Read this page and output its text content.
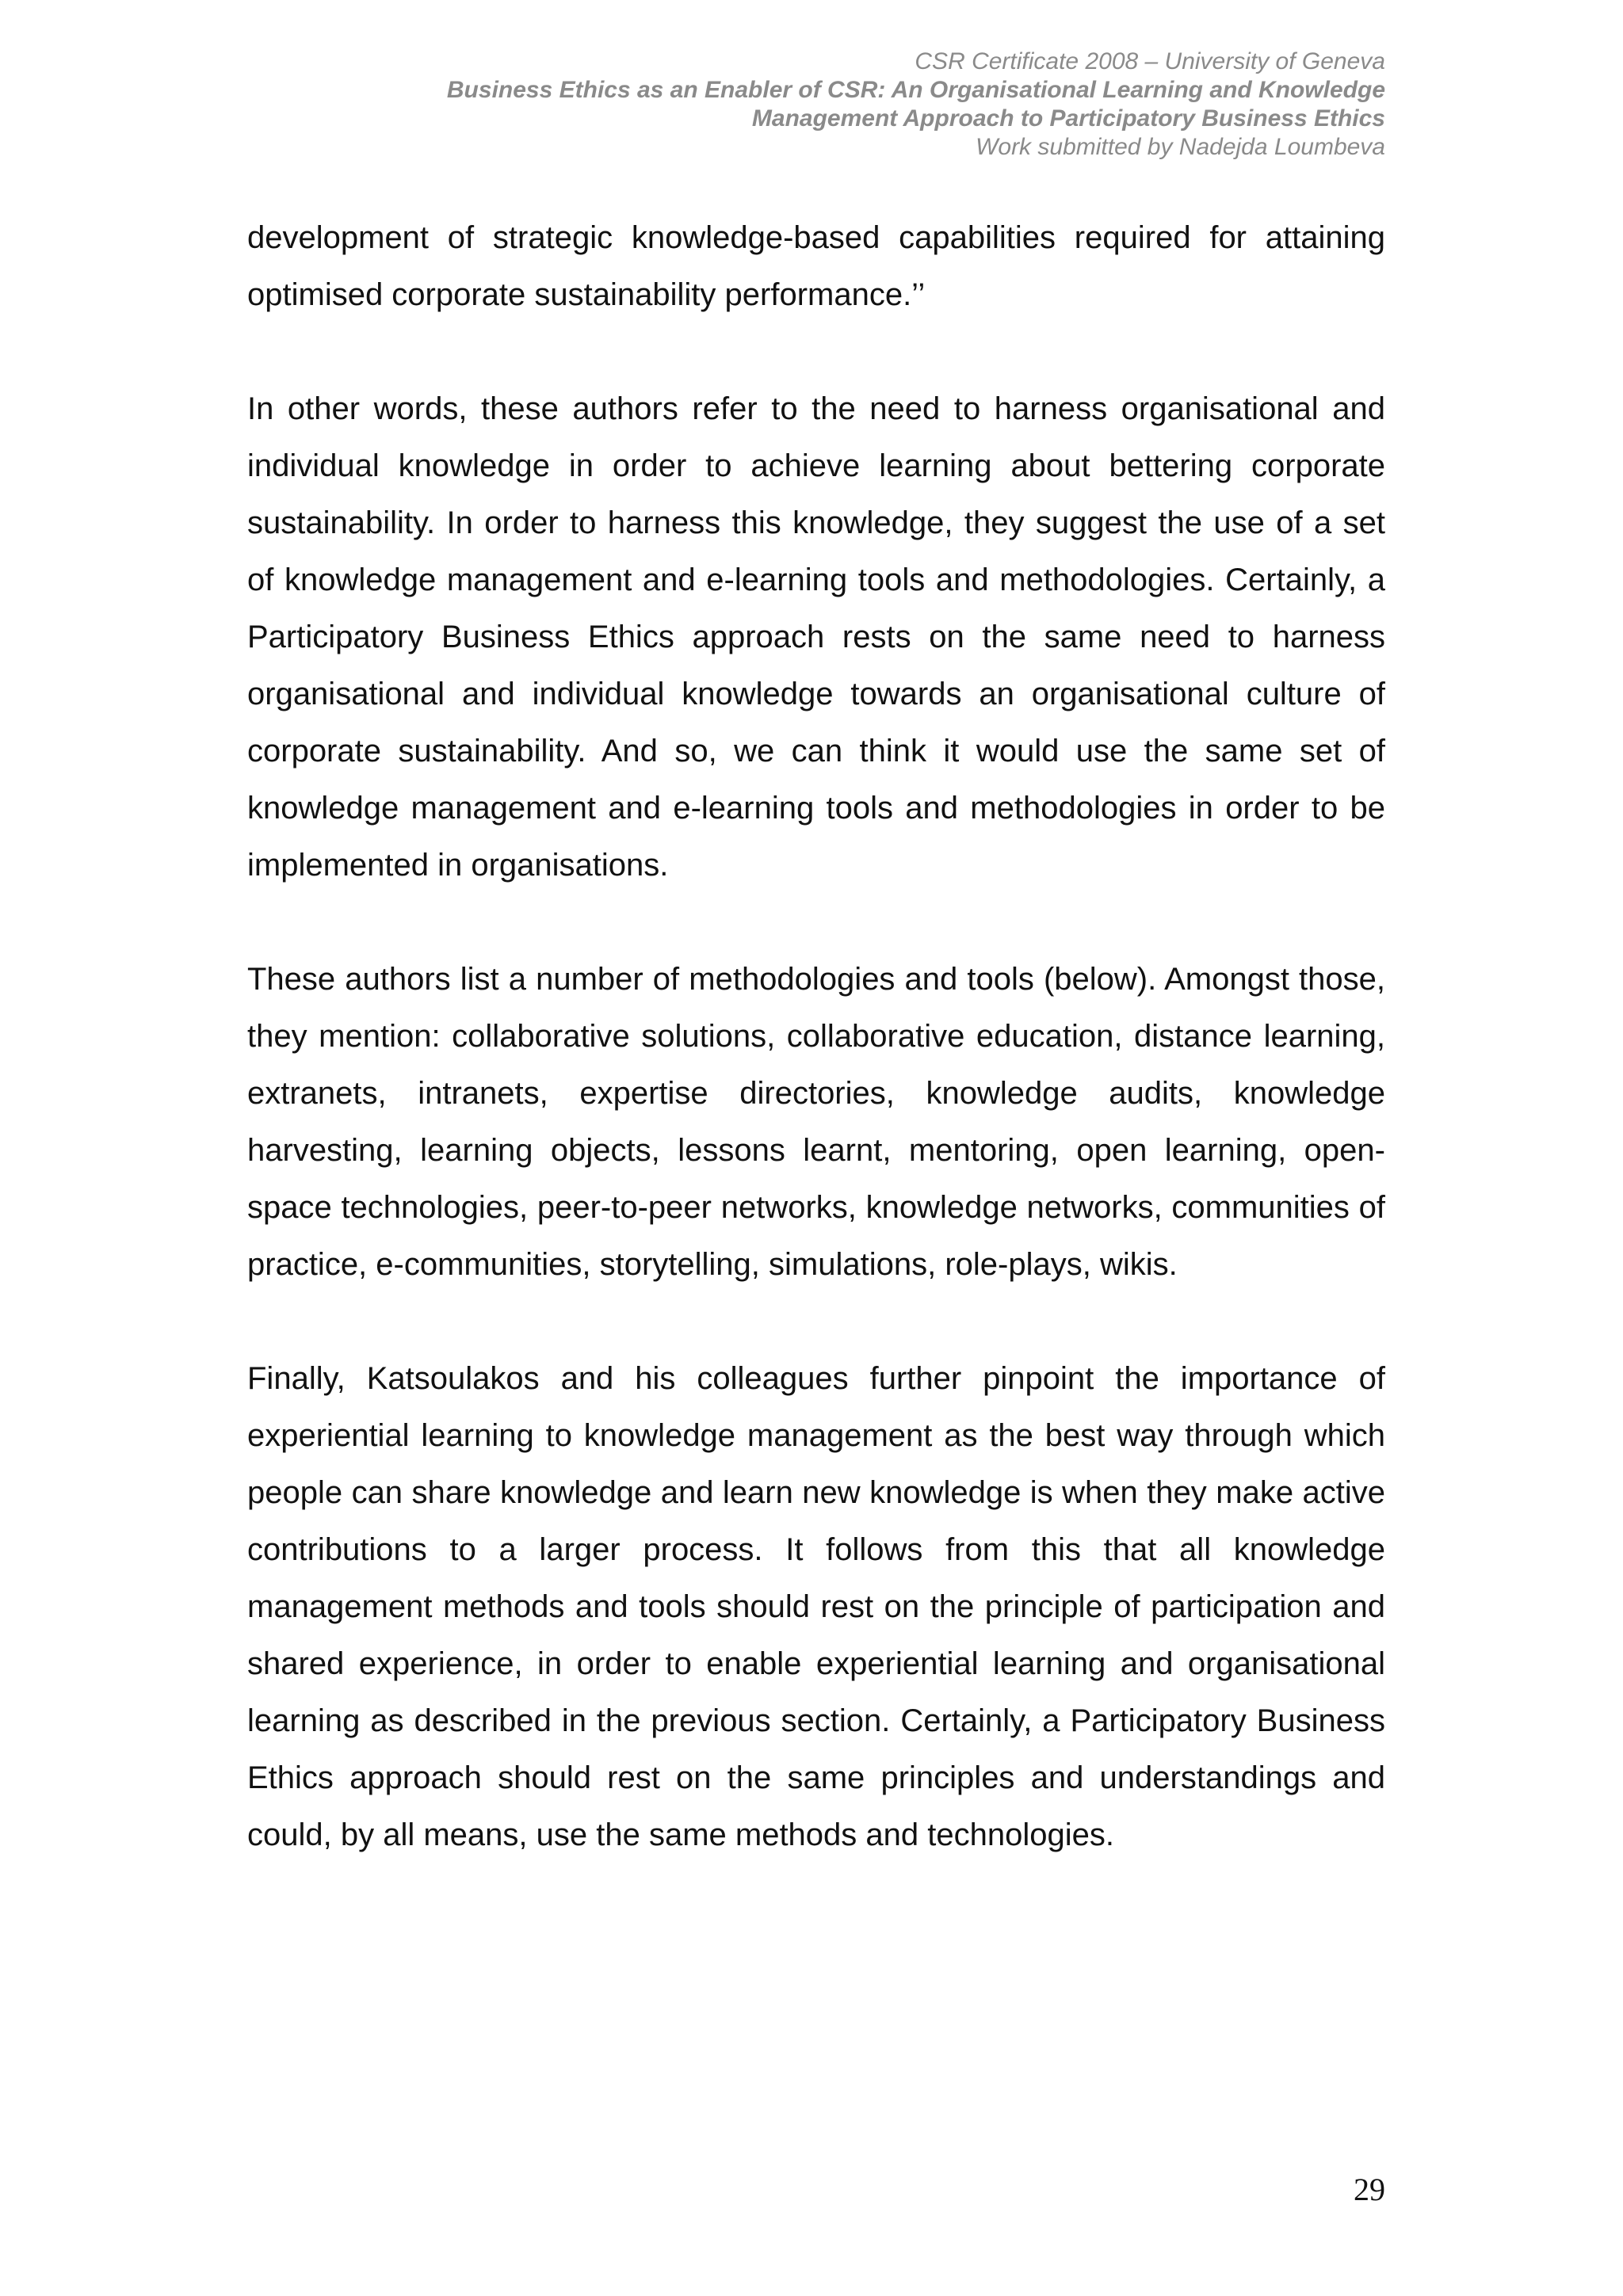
CSR Certificate 2008 – University of Geneva
Business Ethics as an Enabler of CSR: An Organisational Learning and Knowledge
Management Approach to Participatory Business Ethics
Work submitted by Nadejda Loumbeva

development of strategic knowledge-based capabilities required for attaining optimised corporate sustainability performance.’’

In other words, these authors refer to the need to harness organisational and individual knowledge in order to achieve learning about bettering corporate sustainability. In order to harness this knowledge, they suggest the use of a set of knowledge management and e-learning tools and methodologies. Certainly, a Participatory Business Ethics approach rests on the same need to harness organisational and individual knowledge towards an organisational culture of corporate sustainability. And so, we can think it would use the same set of knowledge management and e-learning tools and methodologies in order to be implemented in organisations.

These authors list a number of methodologies and tools (below). Amongst those, they mention: collaborative solutions, collaborative education, distance learning, extranets, intranets, expertise directories, knowledge audits, knowledge harvesting, learning objects, lessons learnt, mentoring, open learning, open-space technologies, peer-to-peer networks, knowledge networks, communities of practice, e-communities, storytelling, simulations, role-plays, wikis.

Finally, Katsoulakos and his colleagues further pinpoint the importance of experiential learning to knowledge management as the best way through which people can share knowledge and learn new knowledge is when they make active contributions to a larger process. It follows from this that all knowledge management methods and tools should rest on the principle of participation and shared experience, in order to enable experiential learning and organisational learning as described in the previous section. Certainly, a Participatory Business Ethics approach should rest on the same principles and understandings and could, by all means, use the same methods and technologies.

29
